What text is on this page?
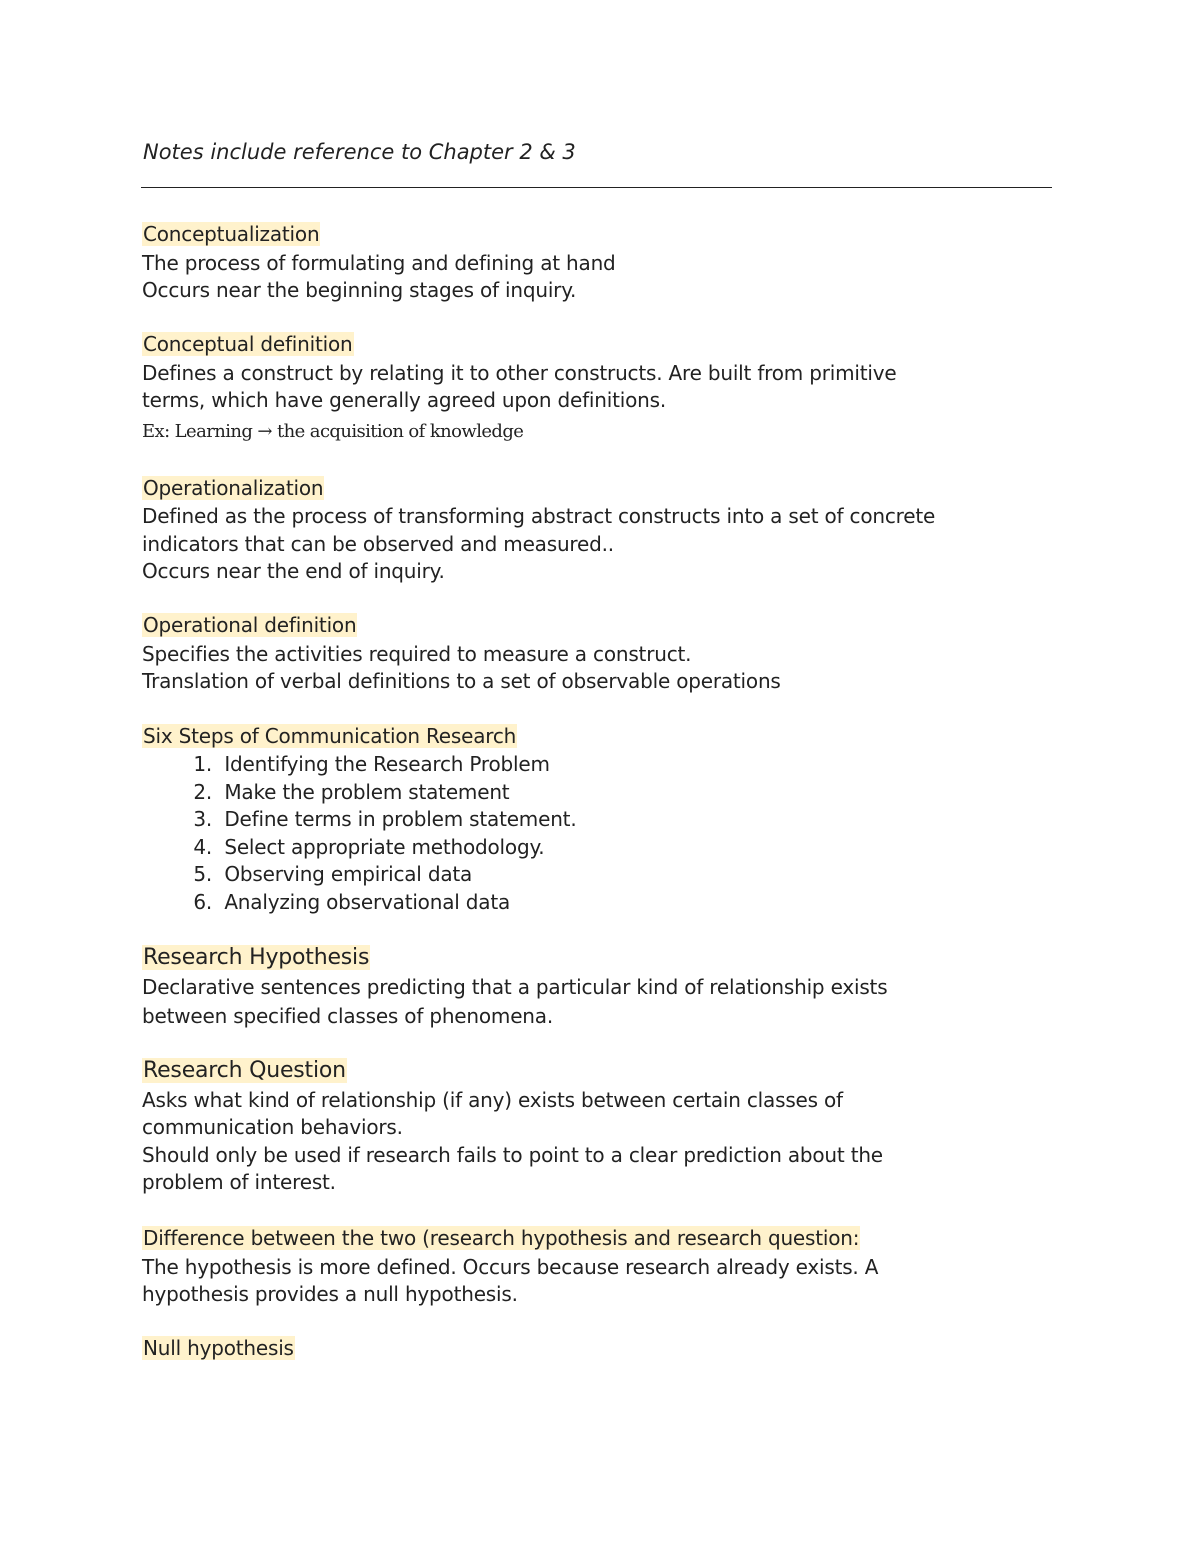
Notes include reference to Chapter 2 & 3
Conceptualization
The process of formulating and defining at hand
Occurs near the beginning stages of inquiry.
Conceptual definition
Defines a construct by relating it to other constructs. Are built from primitive
terms, which have generally agreed upon definitions.
Ex: Learning → the acquisition of knowledge
Operationalization
Defined as the process of transforming abstract constructs into a set of concrete
indicators that can be observed and measured..
Occurs near the end of inquiry.
Operational definition
Specifies the activities required to measure a construct.
Translation of verbal definitions to a set of observable operations
Six Steps of Communication Research
1. Identifying the Research Problem
2. Make the problem statement
3. Define terms in problem statement.
4. Select appropriate methodology.
5. Observing empirical data
6. Analyzing observational data
Research Hypothesis
Declarative sentences predicting that a particular kind of relationship exists
between specified classes of phenomena.
Research Question
Asks what kind of relationship (if any) exists between certain classes of
communication behaviors.
Should only be used if research fails to point to a clear prediction about the
problem of interest.
Difference between the two (research hypothesis and research question:
The hypothesis is more defined. Occurs because research already exists. A
hypothesis provides a null hypothesis.
Null hypothesis
